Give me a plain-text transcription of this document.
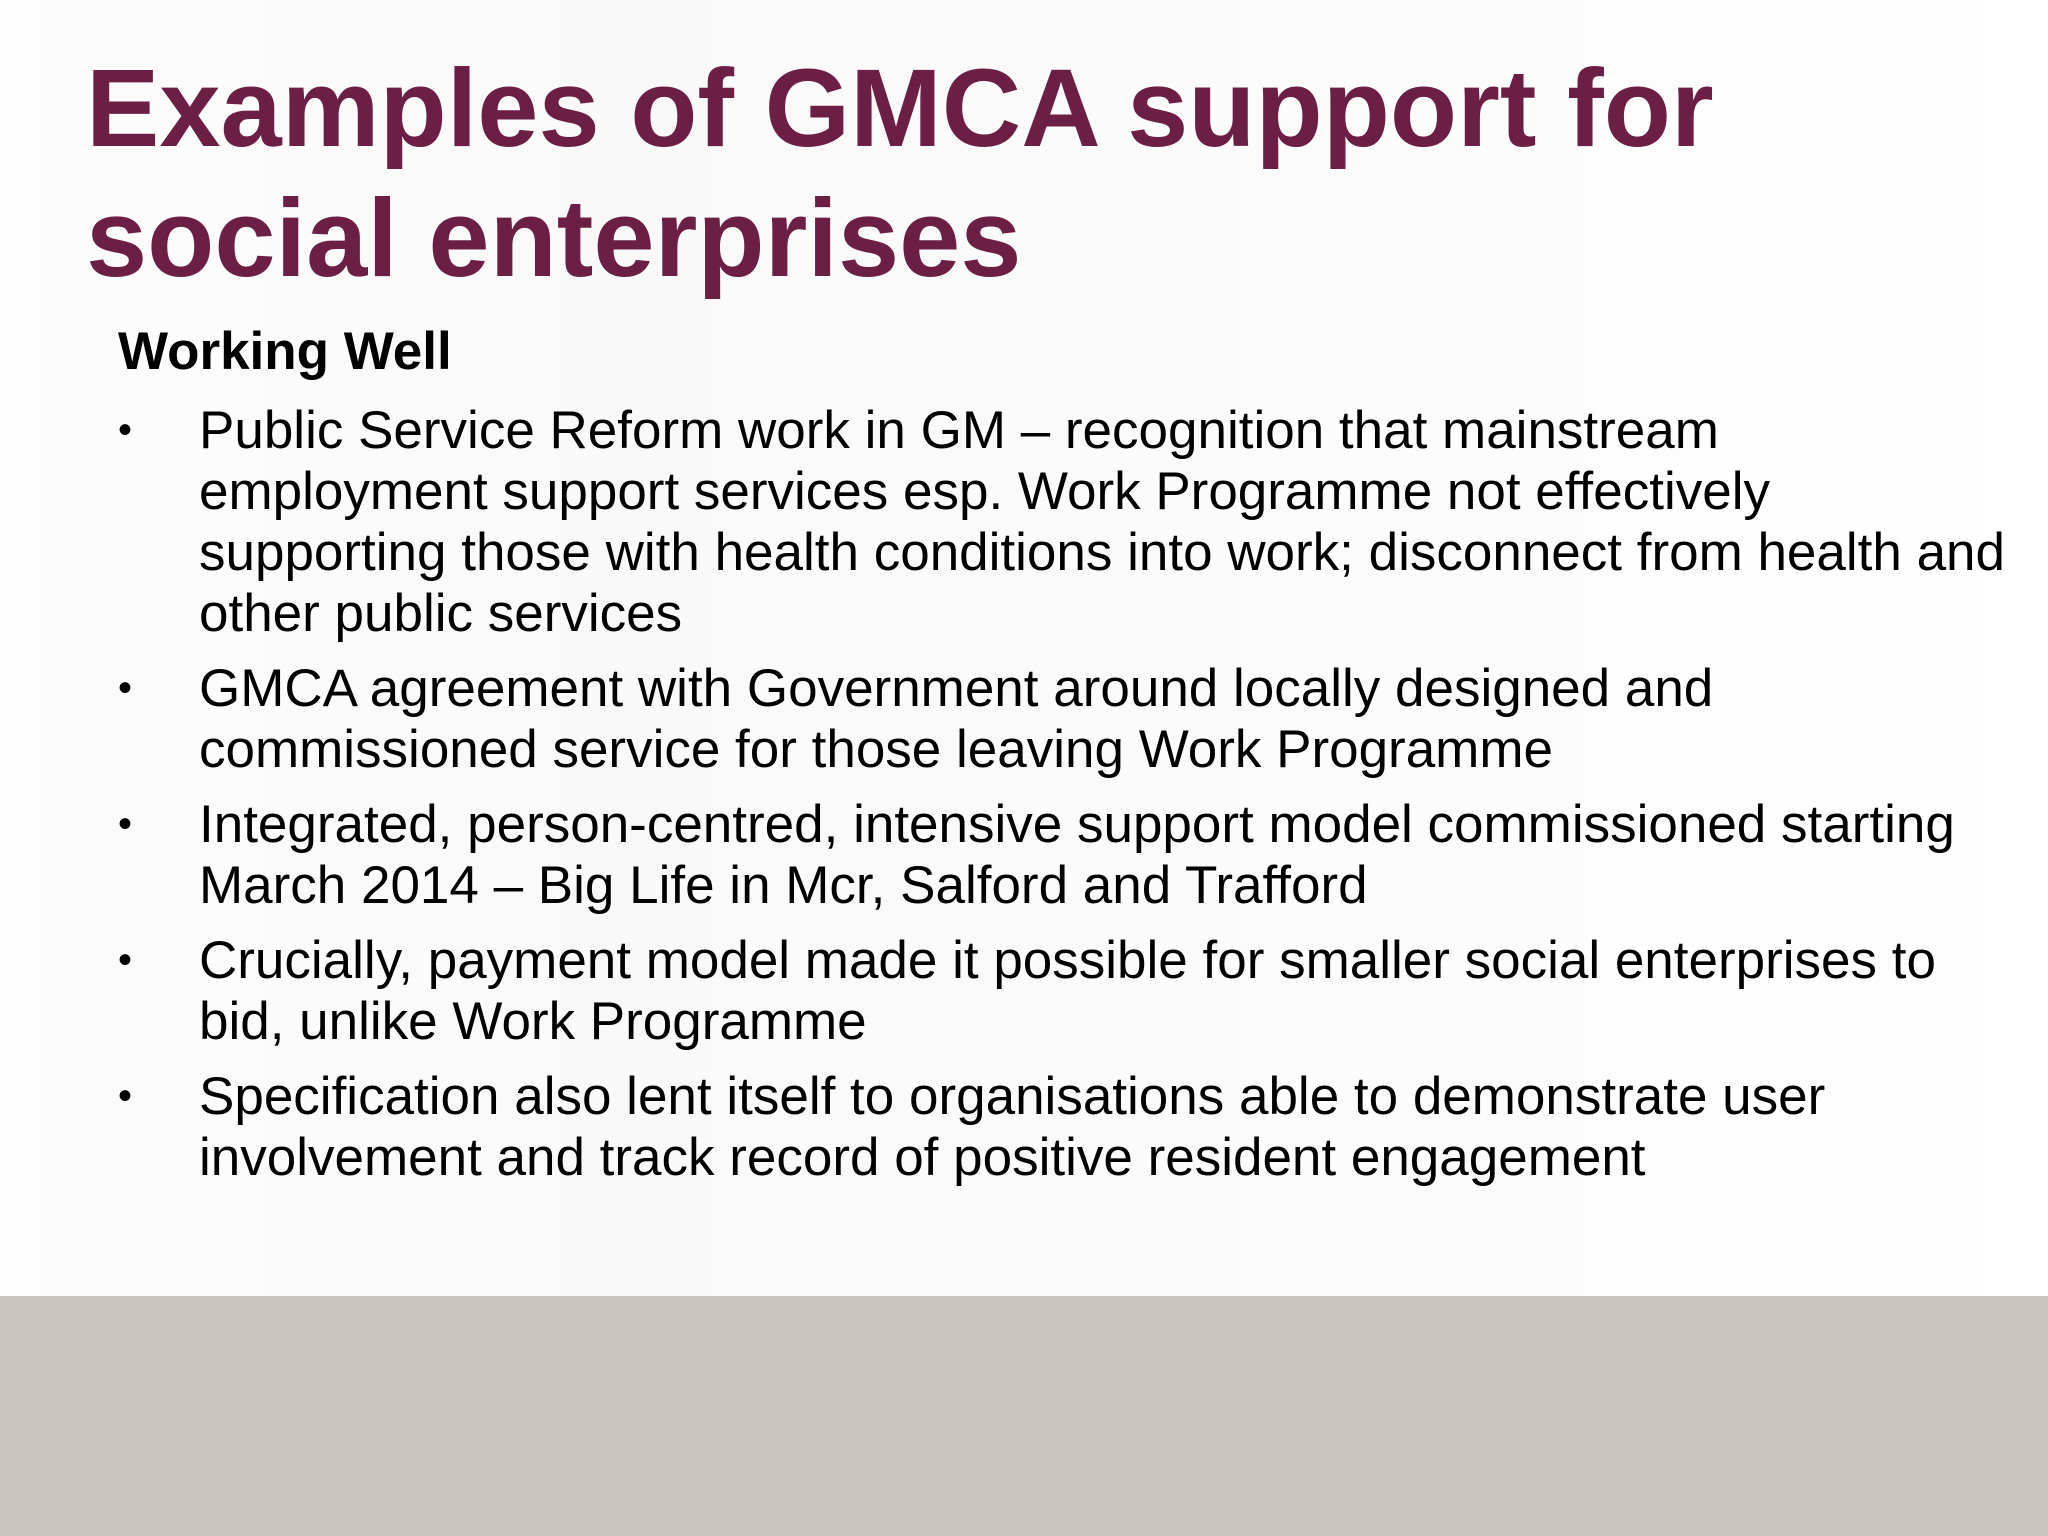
Examples of GMCA support for social enterprises
Working Well
• Public Service Reform work in GM – recognition that mainstream employment support services esp. Work Programme not effectively supporting those with health conditions into work; disconnect from health and other public services
• GMCA agreement with Government around locally designed and commissioned service for those leaving Work Programme
• Integrated, person-centred, intensive support model commissioned starting March 2014 – Big Life in Mcr, Salford and Trafford
• Crucially, payment model made it possible for smaller social enterprises to bid, unlike Work Programme
• Specification also lent itself to organisations able to demonstrate user involvement and track record of positive resident engagement
